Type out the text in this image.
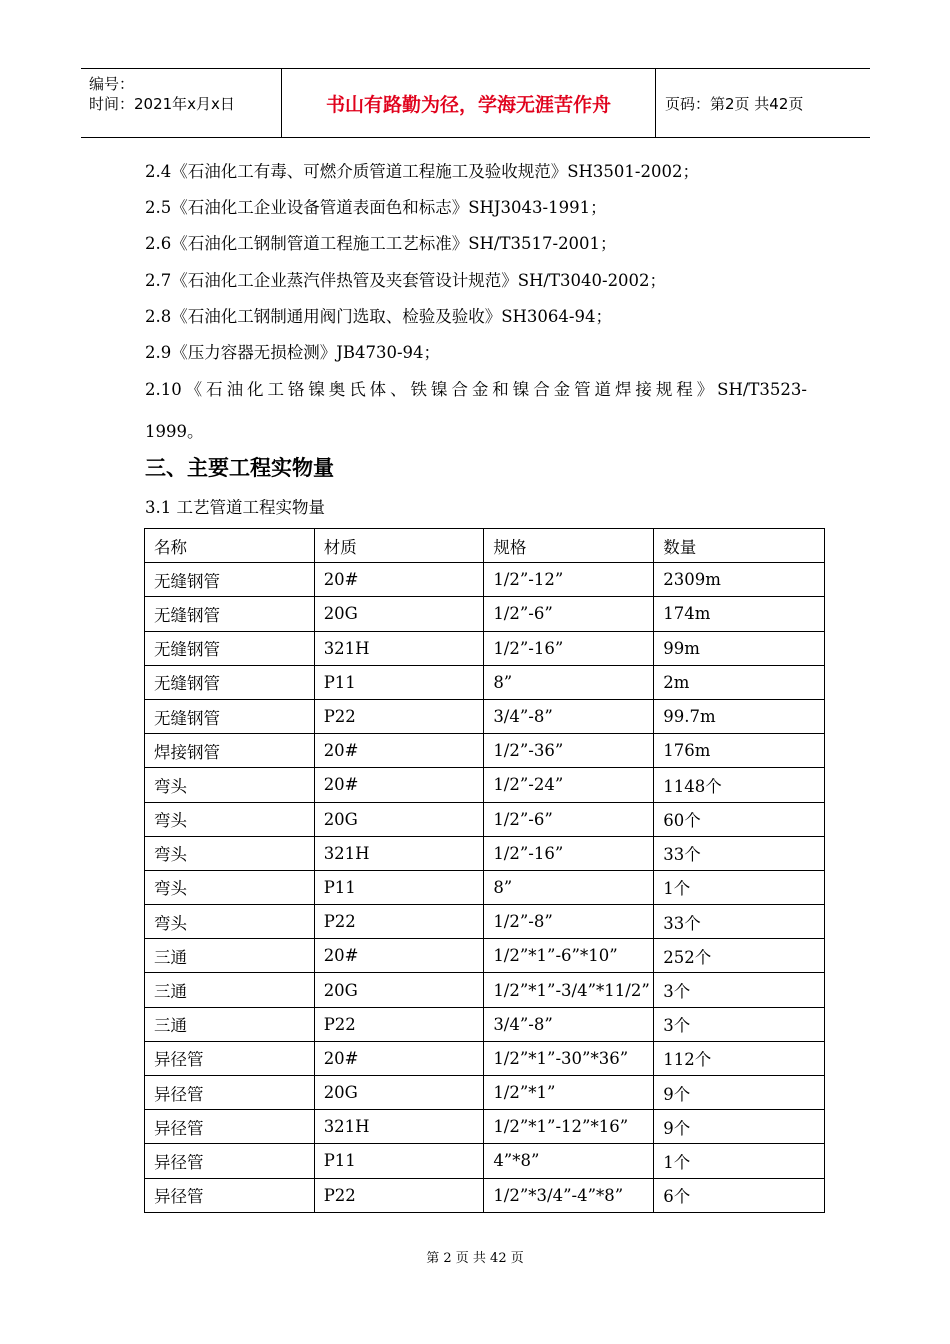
编号：
时间：2021年x月x日	书山有路勤为径，学海无涯苦作舟	页码：第2页 共42页
2.4《石油化工有毒、可燃介质管道工程施工及验收规范》SH3501-2002；
2.5《石油化工企业设备管道表面色和标志》SHJ3043-1991；
2.6《石油化工钢制管道工程施工工艺标准》SH/T3517-2001；
2.7《石油化工企业蒸汽伴热管及夹套管设计规范》SH/T3040-2002；
2.8《石油化工钢制通用阀门选取、检验及验收》SH3064-94；
2.9《压力容器无损检测》JB4730-94；
2.10《石油化工铬镍奥氏体、铁镍合金和镍合金管道焊接规程》SH/T3523-
1999。
三、主要工程实物量
3.1 工艺管道工程实物量
名称	材质	规格	数量
无缝钢管	20#	1/2”-12”	2309m
无缝钢管	20G	1/2”-6”	174m
无缝钢管	321H	1/2”-16”	99m
无缝钢管	P11	8”	2m
无缝钢管	P22	3/4”-8”	99.7m
焊接钢管	20#	1/2”-36”	176m
弯头	20#	1/2”-24”	1148个
弯头	20G	1/2”-6”	60个
弯头	321H	1/2”-16”	33个
弯头	P11	8”	1个
弯头	P22	1/2”-8”	33个
三通	20#	1/2”*1”-6”*10”	252个
三通	20G	1/2”*1”-3/4”*11/2”	3个
三通	P22	3/4”-8”	3个
异径管	20#	1/2”*1”-30”*36”	112个
异径管	20G	1/2”*1”	9个
异径管	321H	1/2”*1”-12”*16”	9个
异径管	P11	4”*8”	1个
异径管	P22	1/2”*3/4”-4”*8”	6个
第 2 页 共 42 页
